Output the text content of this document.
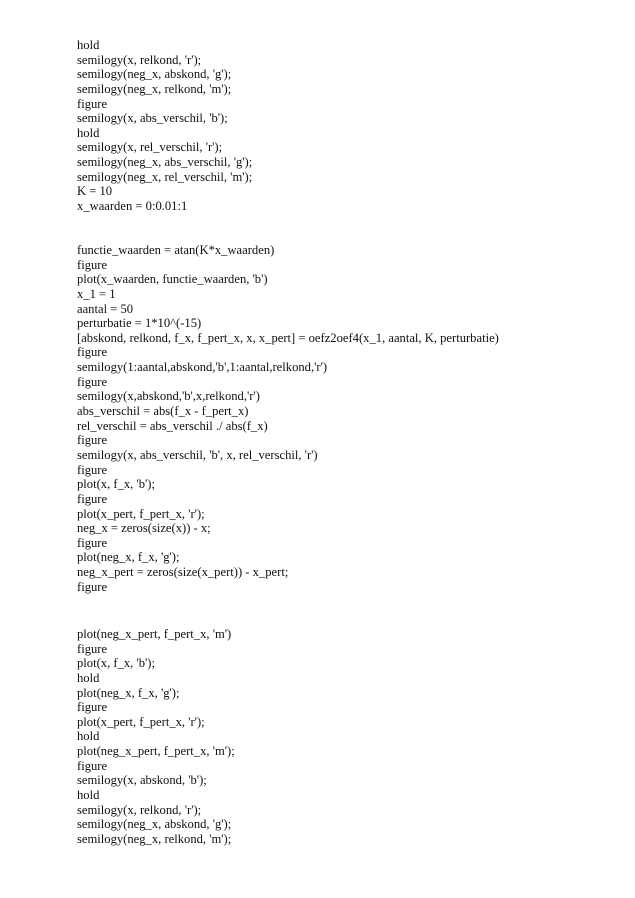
hold
semilogy(x, relkond, 'r');
semilogy(neg_x, abskond, 'g');
semilogy(neg_x, relkond, 'm');
figure
semilogy(x, abs_verschil, 'b');
hold
semilogy(x, rel_verschil, 'r');
semilogy(neg_x, abs_verschil, 'g');
semilogy(neg_x, rel_verschil, 'm');
K = 10
x_waarden = 0:0.01:1
functie_waarden = atan(K*x_waarden)
figure
plot(x_waarden, functie_waarden, 'b')
x_1 = 1
aantal = 50
perturbatie = 1*10^(-15)
[abskond, relkond, f_x, f_pert_x, x, x_pert] = oefz2oef4(x_1, aantal, K, perturbatie)
figure
semilogy(1:aantal,abskond,'b',1:aantal,relkond,'r')
figure
semilogy(x,abskond,'b',x,relkond,'r')
abs_verschil = abs(f_x - f_pert_x)
rel_verschil = abs_verschil ./ abs(f_x)
figure
semilogy(x, abs_verschil, 'b', x, rel_verschil, 'r')
figure
plot(x, f_x, 'b');
figure
plot(x_pert, f_pert_x, 'r');
neg_x = zeros(size(x)) - x;
figure
plot(neg_x, f_x, 'g');
neg_x_pert = zeros(size(x_pert)) - x_pert;
figure
plot(neg_x_pert, f_pert_x, 'm')
figure
plot(x, f_x, 'b');
hold
plot(neg_x, f_x, 'g');
figure
plot(x_pert, f_pert_x, 'r');
hold
plot(neg_x_pert, f_pert_x, 'm');
figure
semilogy(x, abskond, 'b');
hold
semilogy(x, relkond, 'r');
semilogy(neg_x, abskond, 'g');
semilogy(neg_x, relkond, 'm');
